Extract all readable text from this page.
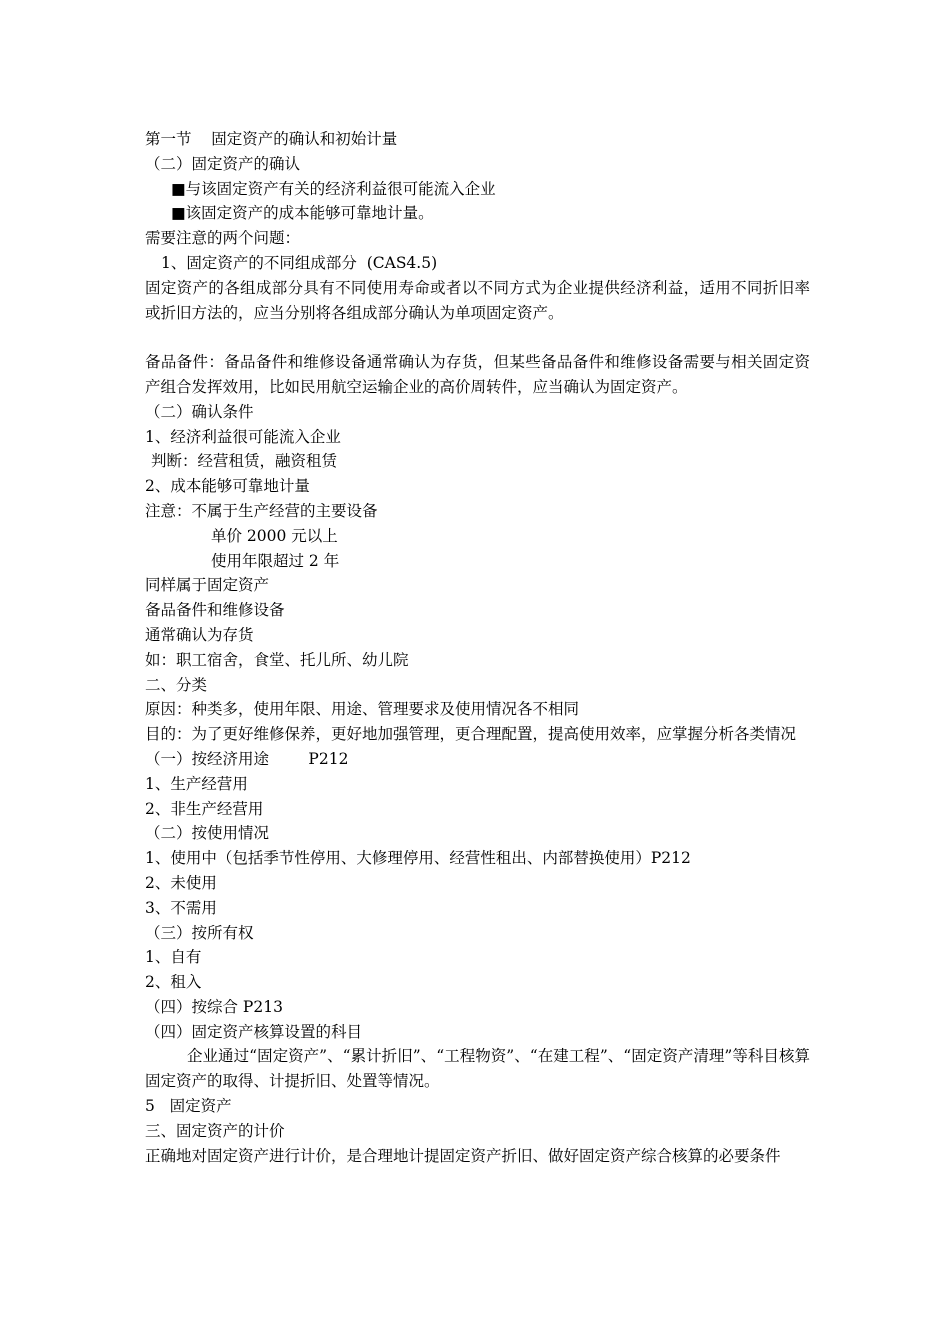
第一节    固定资产的确认和初始计量
（二）固定资产的确认
■与该固定资产有关的经济利益很可能流入企业
■该固定资产的成本能够可靠地计量。
需要注意的两个问题：
1、固定资产的不同组成部分  (CAS4.5)
固定资产的各组成部分具有不同使用寿命或者以不同方式为企业提供经济利益，适用不同折旧率或折旧方法的，应当分别将各组成部分确认为单项固定资产。
备品备件：备品备件和维修设备通常确认为存货，但某些备品备件和维修设备需要与相关固定资产组合发挥效用，比如民用航空运输企业的高价周转件，应当确认为固定资产。
（二）确认条件
1、经济利益很可能流入企业
判断：经营租赁，融资租赁
2、成本能够可靠地计量
注意：不属于生产经营的主要设备
单价 2000 元以上
使用年限超过 2 年
同样属于固定资产
备品备件和维修设备
通常确认为存货
如：职工宿舍，食堂、托儿所、幼儿院
二、分类
原因：种类多，使用年限、用途、管理要求及使用情况各不相同
目的：为了更好维修保养，更好地加强管理，更合理配置，提高使用效率，应掌握分析各类情况
（一）按经济用途        P212
1、生产经营用
2、非生产经营用
（二）按使用情况
1、使用中（包括季节性停用、大修理停用、经营性租出、内部替换使用）P212
2、未使用
3、不需用
（三）按所有权
1、自有
2、租入
（四）按综合 P213
（四）固定资产核算设置的科目
企业通过“固定资产”、“累计折旧”、“工程物资”、“在建工程”、“固定资产清理”等科目核算固定资产的取得、计提折旧、处置等情况。
5   固定资产
三、固定资产的计价
正确地对固定资产进行计价，是合理地计提固定资产折旧、做好固定资产综合核算的必要条件
